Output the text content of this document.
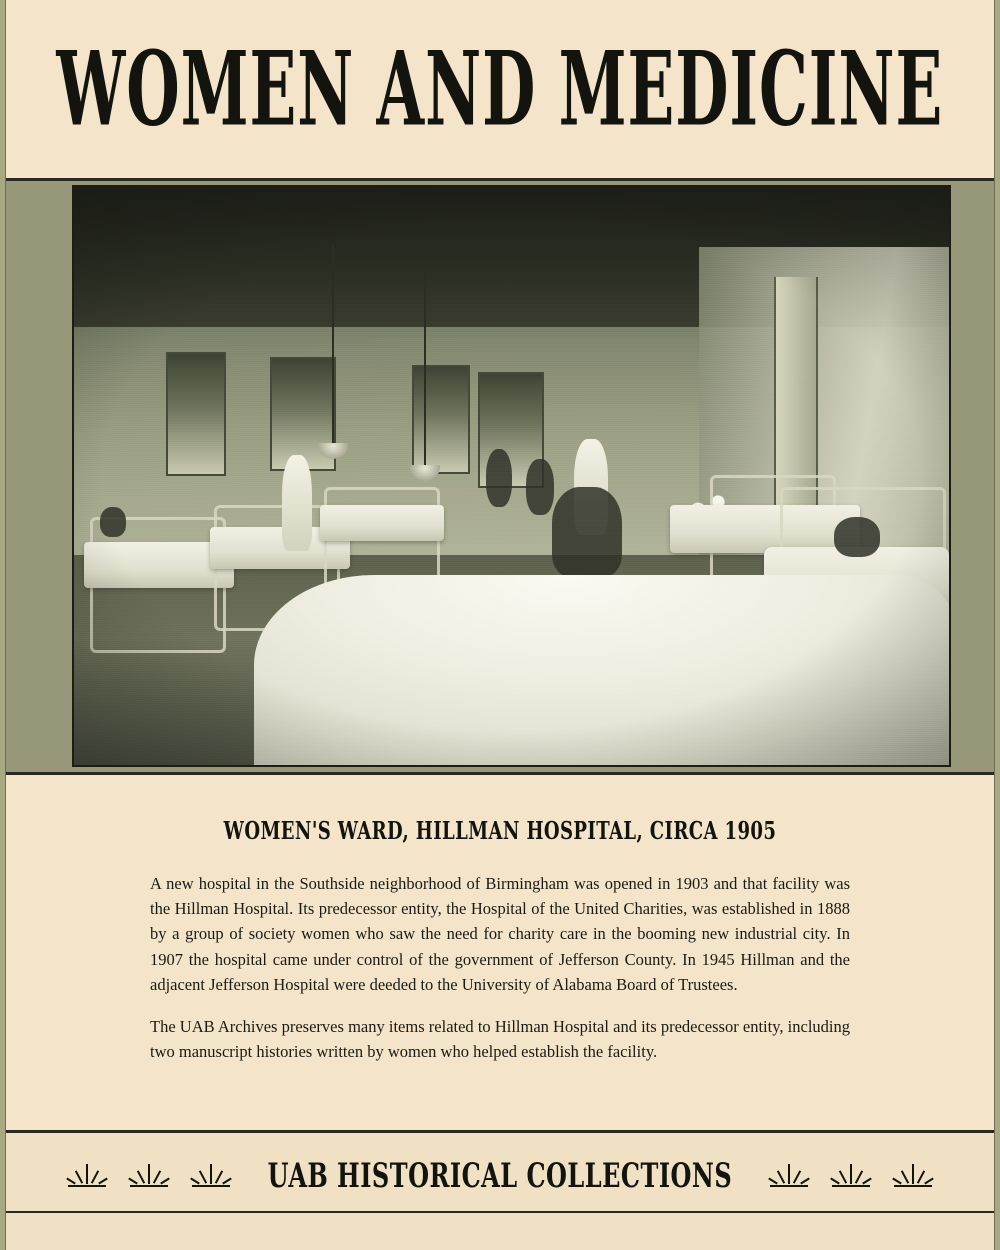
WOMEN AND MEDICINE
WOMEN'S WARD, HILLMAN HOSPITAL, CIRCA 1905

A new hospital in the Southside neighborhood of Birmingham was opened in 1903 and that facility was the Hillman Hospital. Its predecessor entity, the Hospital of the United Charities, was established in 1888 by a group of society women who saw the need for charity care in the booming new industrial city. In 1907 the hospital came under control of the government of Jefferson County. In 1945 Hillman and the adjacent Jefferson Hospital were deeded to the University of Alabama Board of Trustees.

The UAB Archives preserves many items related to Hillman Hospital and its predecessor entity, including two manuscript histories written by women who helped establish the facility.

UAB HISTORICAL COLLECTIONS
